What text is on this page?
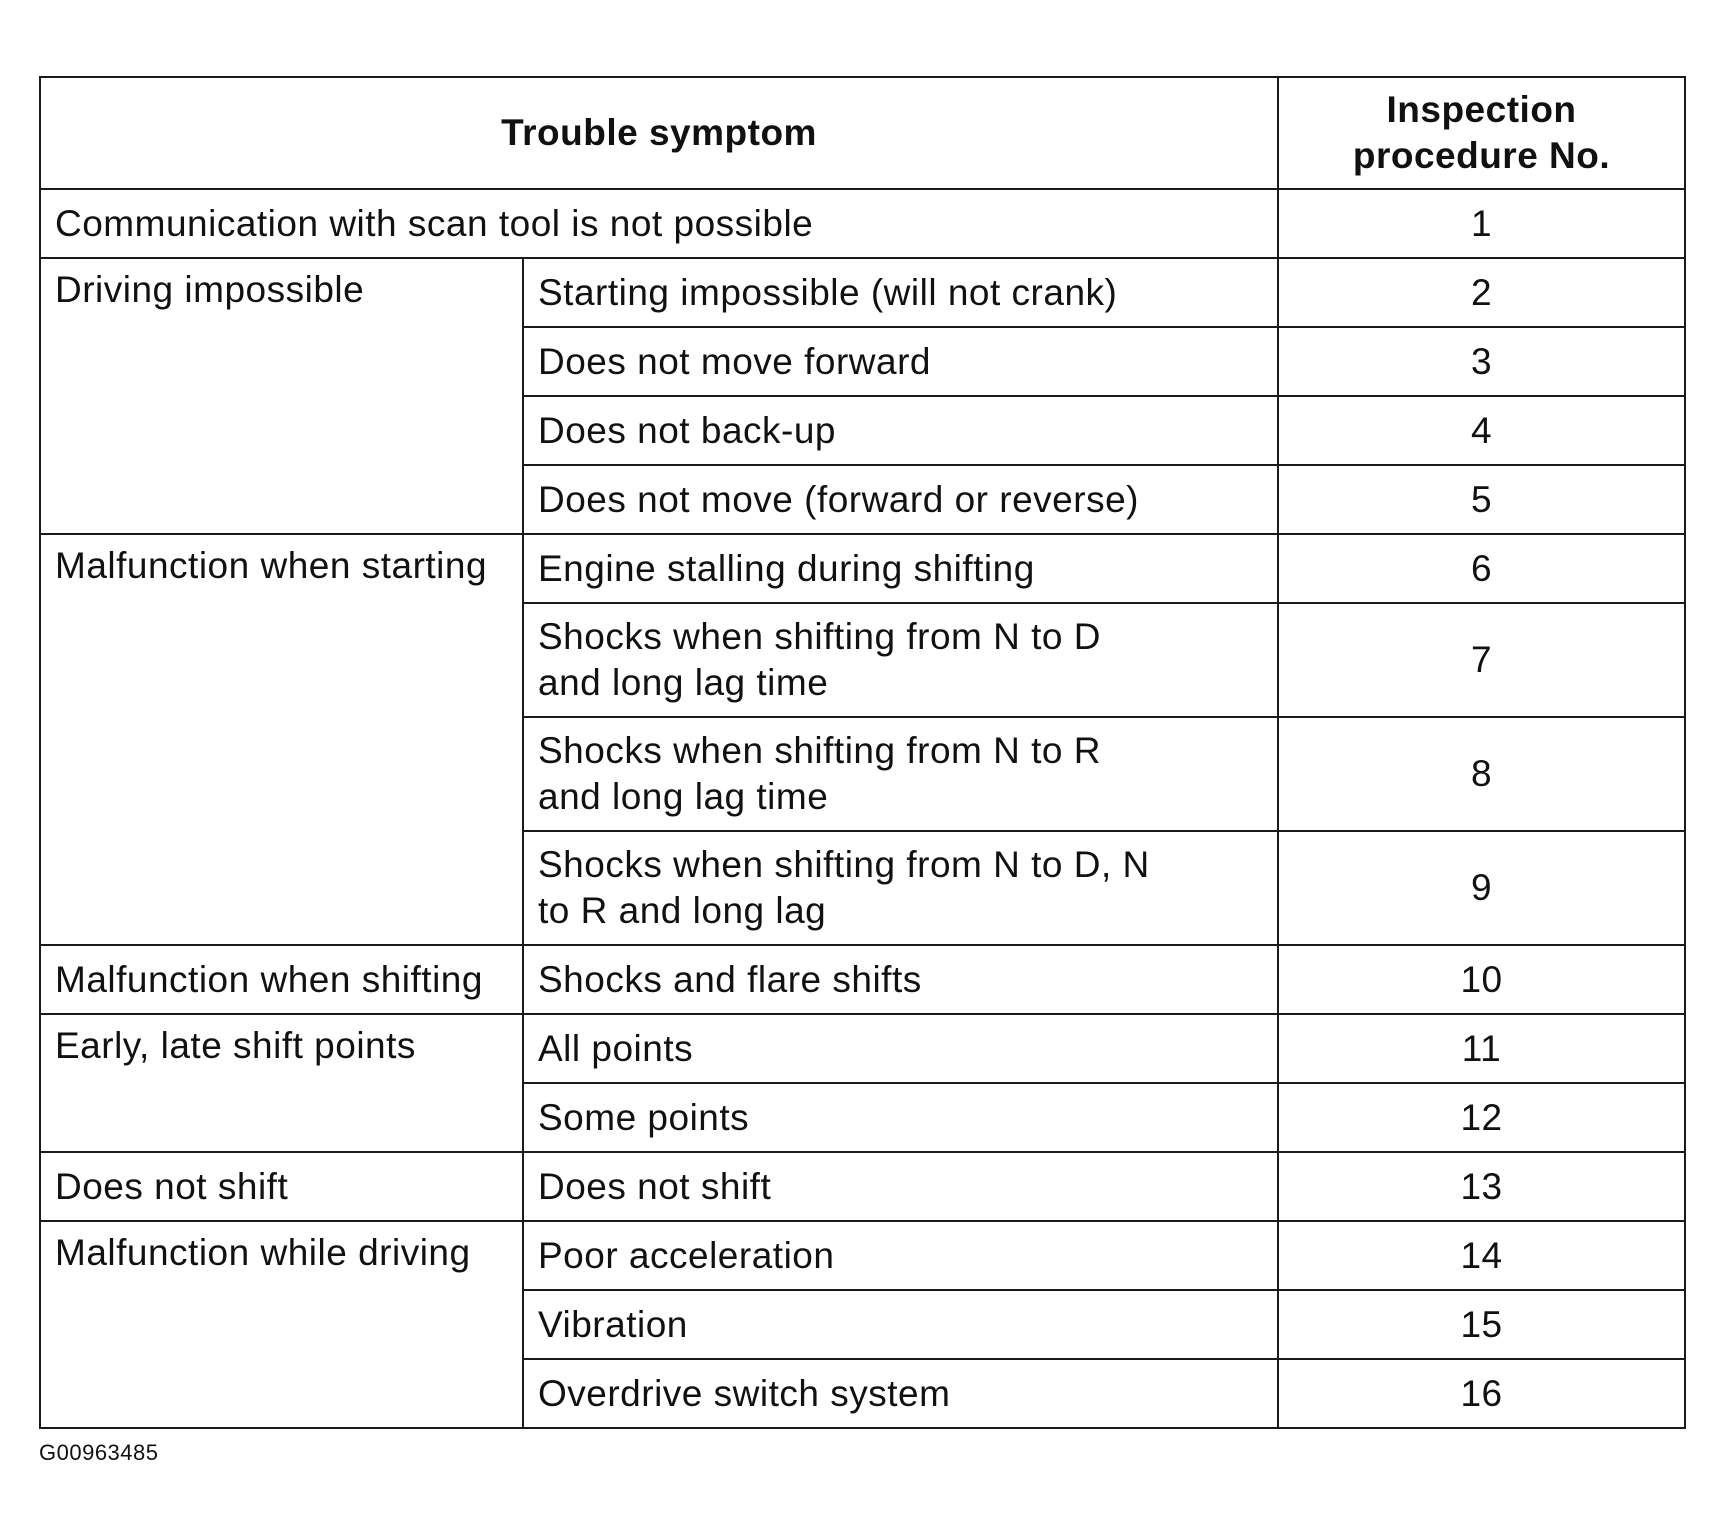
Trouble symptom		Inspection procedure No.
Communication with scan tool is not possible		1
Driving impossible	Starting impossible (will not crank)	2
	Does not move forward	3
	Does not back-up	4
	Does not move (forward or reverse)	5
Malfunction when starting	Engine stalling during shifting	6
	Shocks when shifting from N to D and long lag time	7
	Shocks when shifting from N to R and long lag time	8
	Shocks when shifting from N to D, N to R and long lag	9
Malfunction when shifting	Shocks and flare shifts	10
Early, late shift points	All points	11
	Some points	12
Does not shift	Does not shift	13
Malfunction while driving	Poor acceleration	14
	Vibration	15
	Overdrive switch system	16
G00963485
